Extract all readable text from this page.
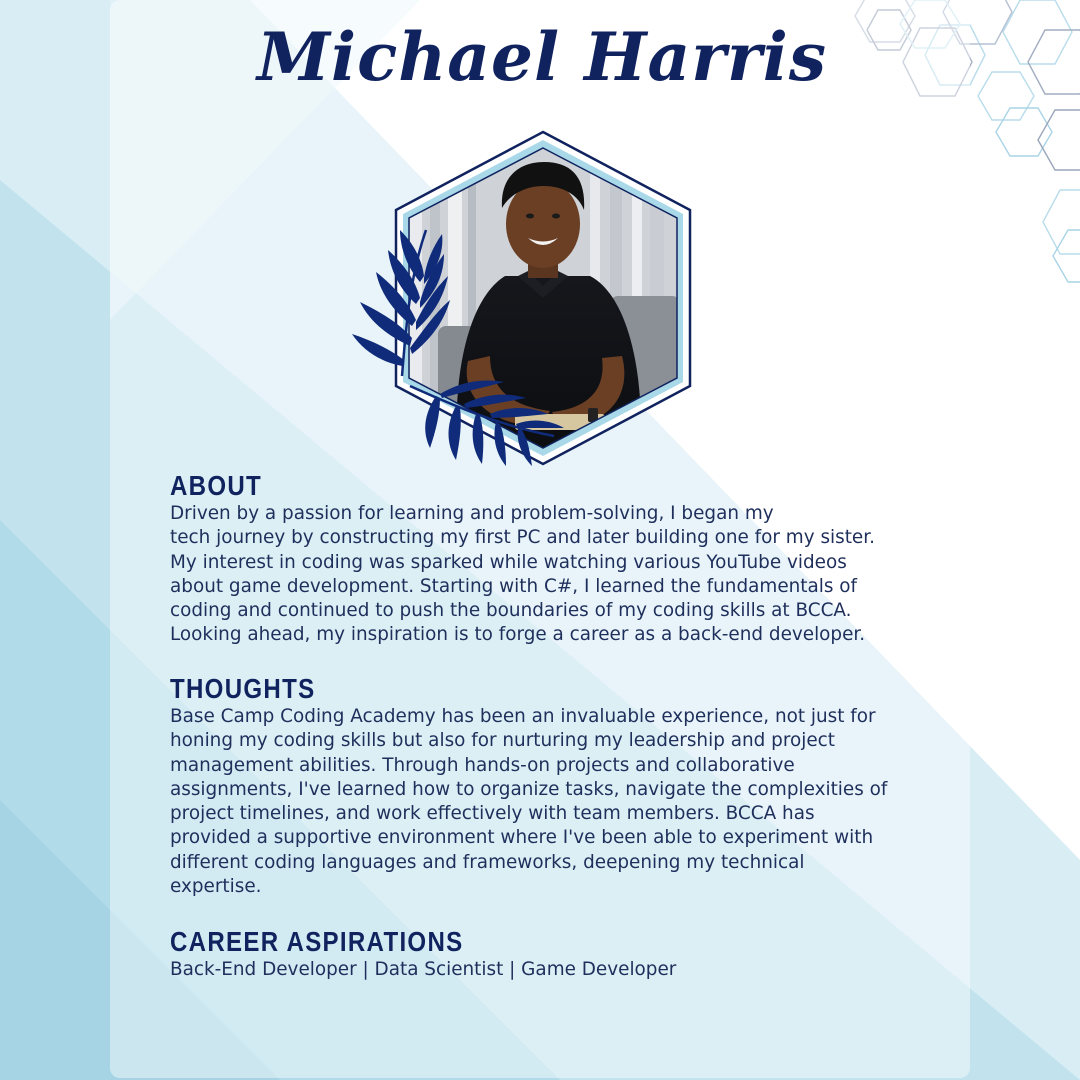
Michael Harris
ABOUT

Driven by a passion for learning and problem-solving, I began my
tech journey by constructing my first PC and later building one for my sister.
My interest in coding was sparked while watching various YouTube videos
about game development. Starting with C#, I learned the fundamentals of
coding and continued to push the boundaries of my coding skills at BCCA.
Looking ahead, my inspiration is to forge a career as a back-end developer.

THOUGHTS

Base Camp Coding Academy has been an invaluable experience, not just for
honing my coding skills but also for nurturing my leadership and project
management abilities. Through hands-on projects and collaborative
assignments, I've learned how to organize tasks, navigate the complexities of
project timelines, and work effectively with team members. BCCA has
provided a supportive environment where I've been able to experiment with
different coding languages and frameworks, deepening my technical
expertise.

CAREER ASPIRATIONS

Back-End Developer | Data Scientist | Game Developer
